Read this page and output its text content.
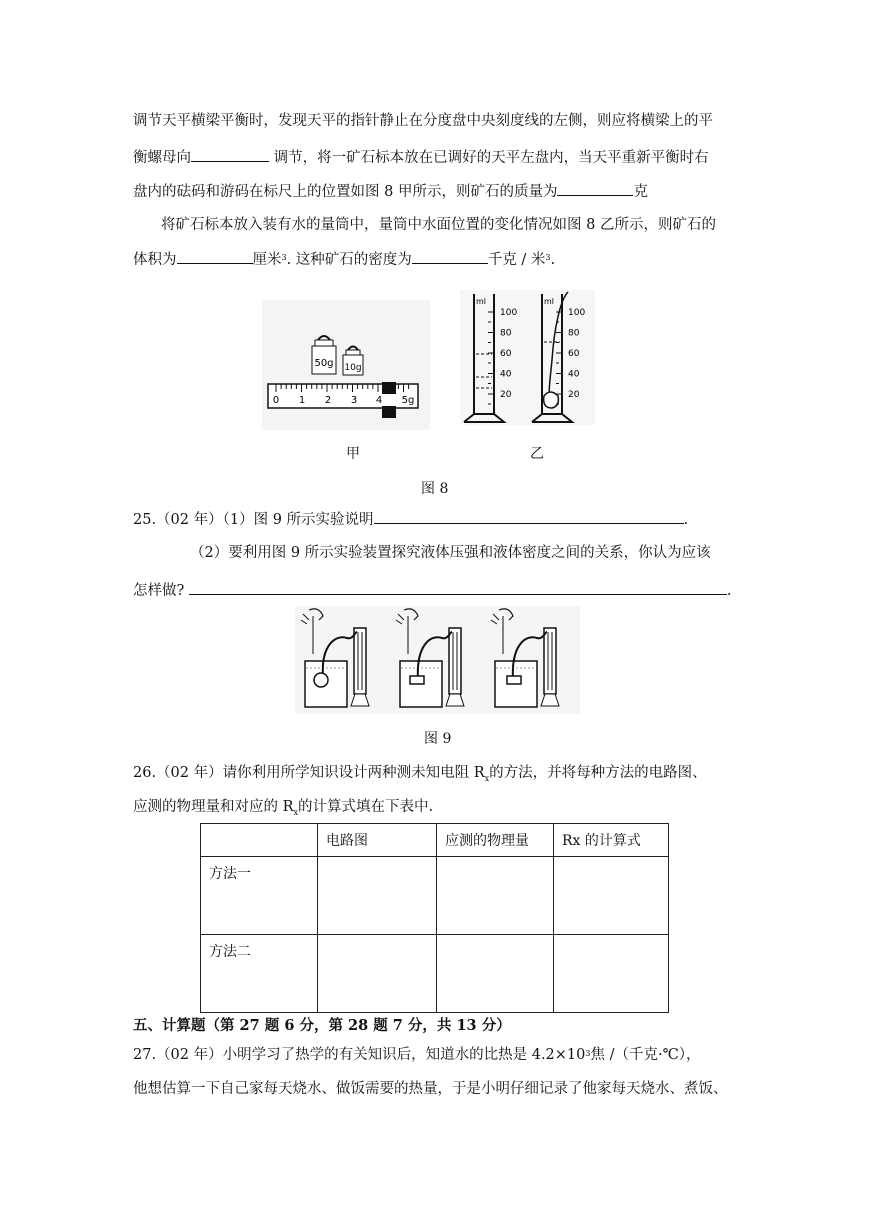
调节天平横梁平衡时，发现天平的指针静止在分度盘中央刻度线的左侧，则应将横梁上的平
衡螺母向	调节，将一矿石标本放在已调好的天平左盘内，当天平重新平衡时右
盘内的砝码和游码在标尺上的位置如图 8 甲所示，则矿石的质量为	克
将矿石标本放入装有水的量筒中，量筒中水面位置的变化情况如图 8 乙所示，则矿石的
体积为	厘米$^3$. 这种矿石的密度为	千克 / 米$^3$.
50g 10g
0 1 2 3 4 5g
ml
100
80
60
40
20
ml
100
80
60
40
20
甲	乙
图 8
25.（02 年）（1）图 9 所示实验说明	.
（2）要利用图 9 所示实验装置探究液体压强和液体密度之间的关系，你认为应该
怎样做?	.
图 9
26.（02 年）请你利用所学知识设计两种测未知电阻 $R_x$的方法，并将每种方法的电路图、
应测的物理量和对应的 $R_x$的计算式填在下表中.
	电路图	应测的物理量	Rx 的计算式
方法一			
方法二			
五、计算题（第 27 题 6 分，第 28 题 7 分，共 13 分）
27.（02 年）小明学习了热学的有关知识后，知道水的比热是 $4.2\times 10^3$焦 /（千克·℃），
他想估算一下自己家每天烧水、做饭需要的热量，于是小明仔细记录了他家每天烧水、煮饭、
